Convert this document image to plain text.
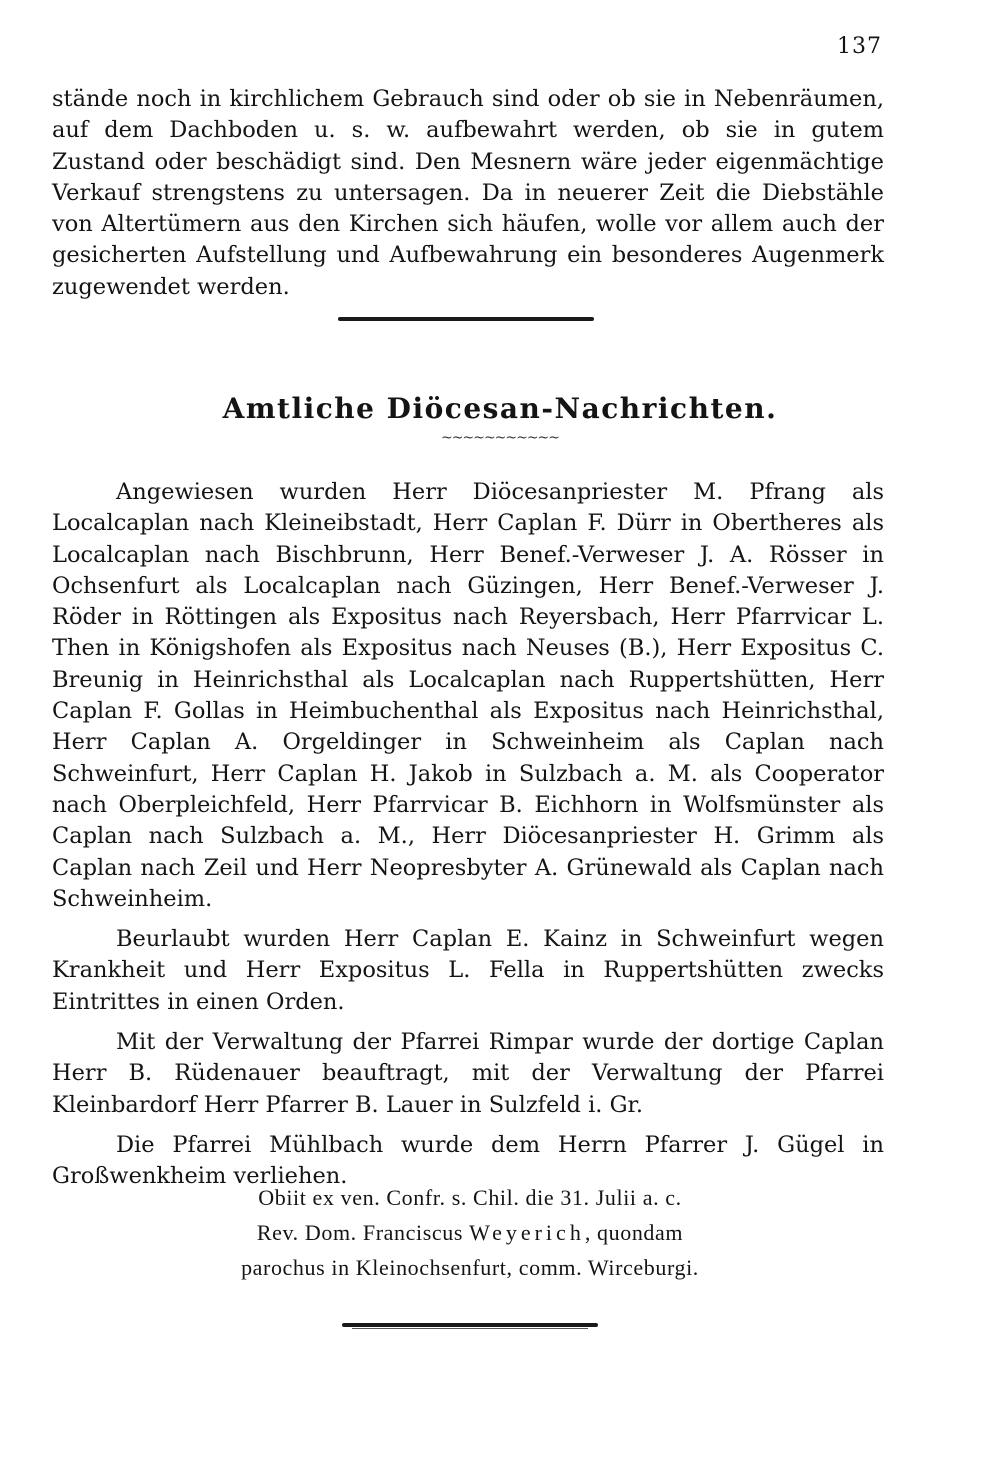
137
stände noch in kirchlichem Gebrauch sind oder ob sie in Nebenräumen, auf dem Dachboden u. s. w. aufbewahrt werden, ob sie in gutem Zustand oder beschädigt sind. Den Mesnern wäre jeder eigenmächtige Verkauf strengstens zu untersagen. Da in neuerer Zeit die Diebstähle von Altertümern aus den Kirchen sich häufen, wolle vor allem auch der gesicherten Aufstellung und Aufbewahrung ein besonderes Augenmerk zugewendet werden.
Amtliche Diöcesan-Nachrichten.
~~~~~~~~~~~

Angewiesen wurden Herr Diöcesanpriester M. Pfrang als Localcaplan nach Kleineibstadt, Herr Caplan F. Dürr in Obertheres als Localcaplan nach Bischbrunn, Herr Benef.-Verweser J. A. Rösser in Ochsenfurt als Localcaplan nach Güzingen, Herr Benef.-Verweser J. Röder in Röttingen als Expositus nach Reyersbach, Herr Pfarrvicar L. Then in Königshofen als Expositus nach Neuses (B.), Herr Expositus C. Breunig in Heinrichsthal als Localcaplan nach Ruppertshütten, Herr Caplan F. Gollas in Heimbuchenthal als Expositus nach Heinrichsthal, Herr Caplan A. Orgeldinger in Schweinheim als Caplan nach Schweinfurt, Herr Caplan H. Jakob in Sulzbach a. M. als Cooperator nach Oberpleichfeld, Herr Pfarrvicar B. Eichhorn in Wolfsmünster als Caplan nach Sulzbach a. M., Herr Diöcesanpriester H. Grimm als Caplan nach Zeil und Herr Neopresbyter A. Grünewald als Caplan nach Schweinheim.

Beurlaubt wurden Herr Caplan E. Kainz in Schweinfurt wegen Krankheit und Herr Expositus L. Fella in Ruppertshütten zwecks Eintrittes in einen Orden.

Mit der Verwaltung der Pfarrei Rimpar wurde der dortige Caplan Herr B. Rüdenauer beauftragt, mit der Verwaltung der Pfarrei Kleinbardorf Herr Pfarrer B. Lauer in Sulzfeld i. Gr.

Die Pfarrei Mühlbach wurde dem Herrn Pfarrer J. Gügel in Großwenkheim verliehen.

Obiit ex ven. Confr. s. Chil. die 31. Julii a. c.
Rev. Dom. Franciscus Weyerich, quondam
parochus in Kleinochsenfurt, comm. Wirceburgi.
